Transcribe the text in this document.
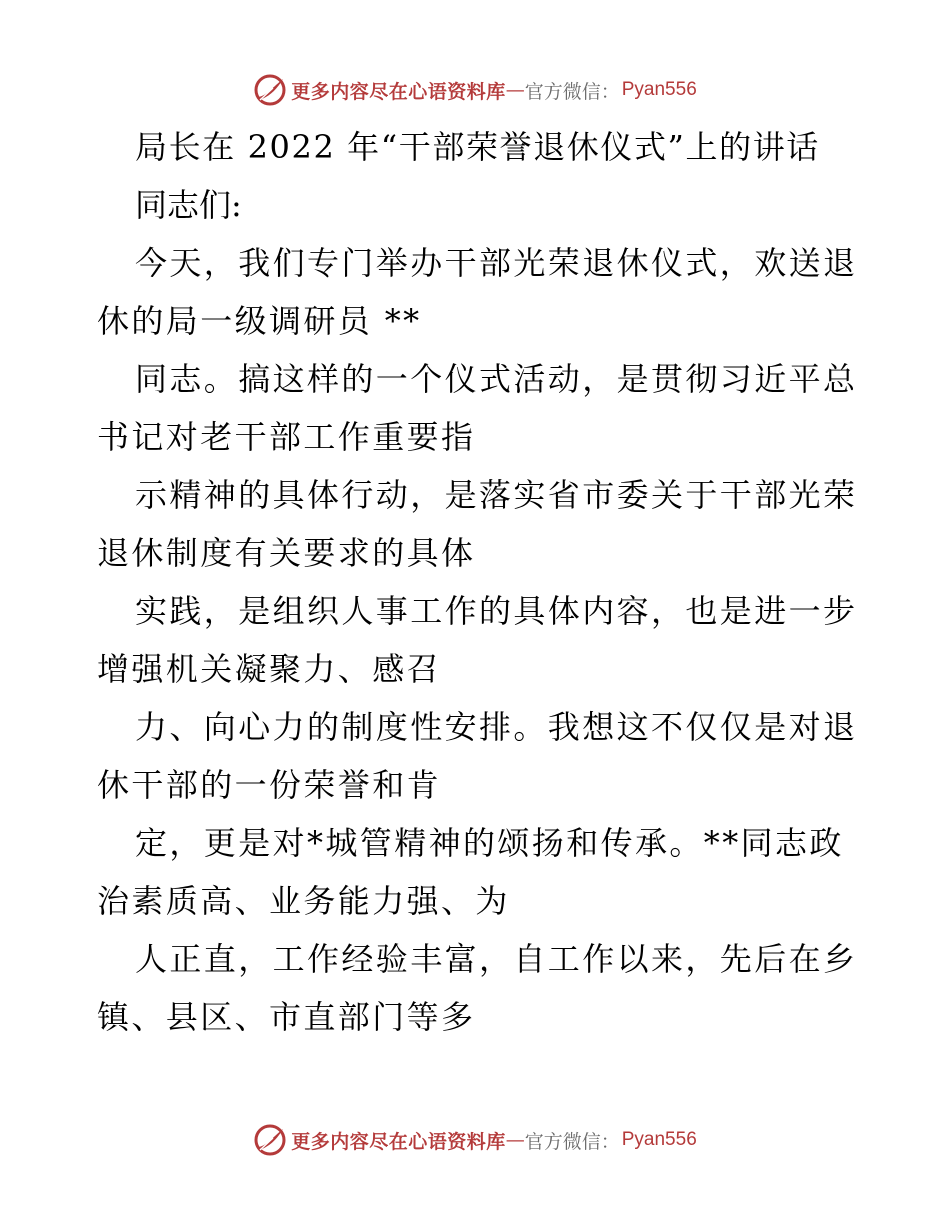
更多内容尽在心语资料库 — 官方微信： Pyan556
局长在 2022 年“干部荣誉退休仪式”上的讲话
同志们:
今天，我们专门举办干部光荣退休仪式，欢送退
休的局一级调研员 **
同志。搞这样的一个仪式活动，是贯彻习近平总
书记对老干部工作重要指
示精神的具体行动，是落实省市委关于干部光荣
退休制度有关要求的具体
实践，是组织人事工作的具体内容，也是进一步
增强机关凝聚力、感召
力、向心力的制度性安排。我想这不仅仅是对退
休干部的一份荣誉和肯
定，更是对*城管精神的颂扬和传承。**同志政
治素质高、业务能力强、为
人正直，工作经验丰富，自工作以来，先后在乡
镇、县区、市直部门等多
更多内容尽在心语资料库 — 官方微信： Pyan556
